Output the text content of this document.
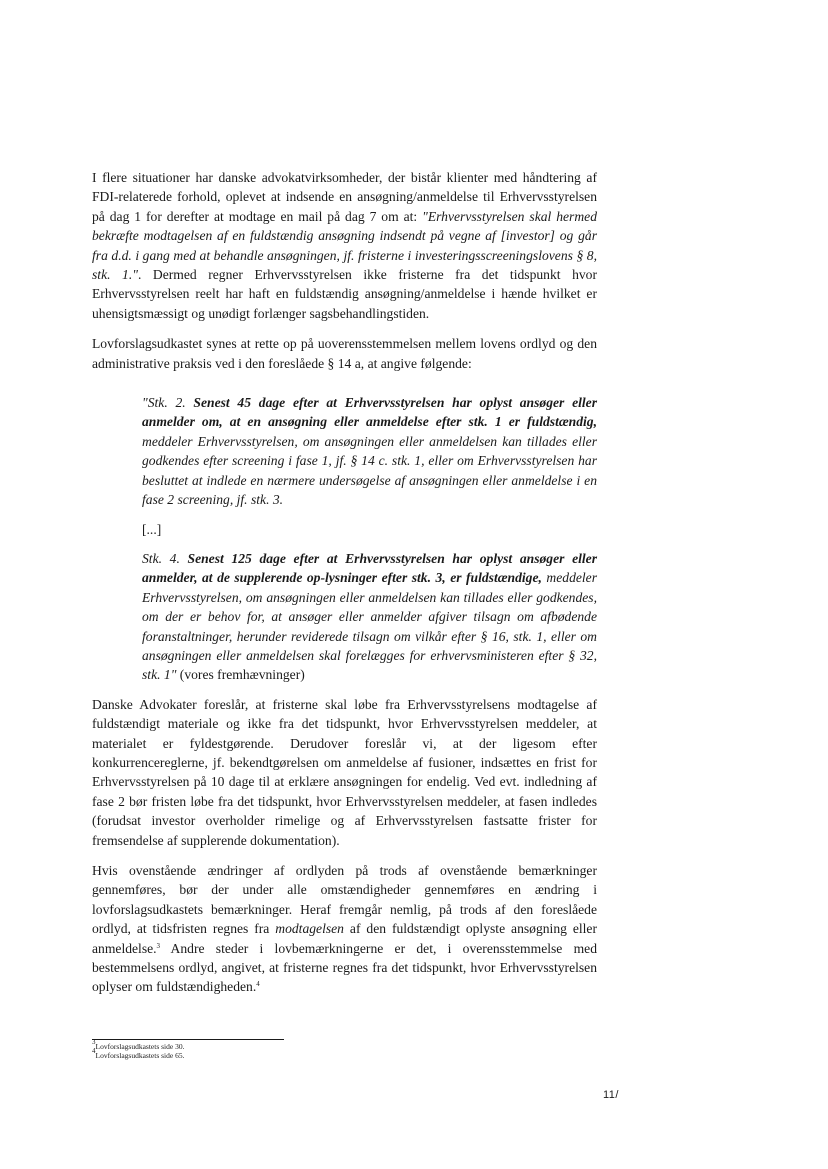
I flere situationer har danske advokatvirksomheder, der bistår klienter med håndtering af FDI-relaterede forhold, oplevet at indsende en ansøgning/anmeldelse til Erhvervsstyrelsen på dag 1 for derefter at modtage en mail på dag 7 om at: "Erhvervsstyrelsen skal hermed bekræfte modtagelsen af en fuldstændig ansøgning indsendt på vegne af [investor] og går fra d.d. i gang med at behandle ansøgningen, jf. fristerne i investeringsscreeningslovens § 8, stk. 1.". Dermed regner Erhvervsstyrelsen ikke fristerne fra det tidspunkt hvor Erhvervsstyrelsen reelt har haft en fuldstændig ansøgning/anmeldelse i hænde hvilket er uhensigtsmæssigt og unødigt forlænger sagsbehandlingstiden.

Lovforslagsudkastet synes at rette op på uoverensstemmelsen mellem lovens ordlyd og den administrative praksis ved i den foreslåede § 14 a, at angive følgende:

"Stk. 2. Senest 45 dage efter at Erhvervsstyrelsen har oplyst ansøger eller anmelder om, at en ansøgning eller anmeldelse efter stk. 1 er fuldstændig, meddeler Erhvervsstyrelsen, om ansøgningen eller anmeldelsen kan tillades eller godkendes efter screening i fase 1, jf. § 14 c. stk. 1, eller om Erhvervsstyrelsen har besluttet at indlede en nærmere undersøgelse af ansøgningen eller anmeldelse i en fase 2 screening, jf. stk. 3.

[...]

Stk. 4. Senest 125 dage efter at Erhvervsstyrelsen har oplyst ansøger eller anmelder, at de supplerende op-lysninger efter stk. 3, er fuldstændige, meddeler Erhvervsstyrelsen, om ansøgningen eller anmeldelsen kan tillades eller godkendes, om der er behov for, at ansøger eller anmelder afgiver tilsagn om afbødende foranstaltninger, herunder reviderede tilsagn om vilkår efter § 16, stk. 1, eller om ansøgningen eller anmeldelsen skal forelægges for erhvervsministeren efter § 32, stk. 1" (vores fremhævninger)

Danske Advokater foreslår, at fristerne skal løbe fra Erhvervsstyrelsens modtagelse af fuldstændigt materiale og ikke fra det tidspunkt, hvor Erhvervsstyrelsen meddeler, at materialet er fyldestgørende. Derudover foreslår vi, at der ligesom efter konkurrencereglerne, jf. bekendtgørelsen om anmeldelse af fusioner, indsættes en frist for Erhvervsstyrelsen på 10 dage til at erklære ansøgningen for endelig. Ved evt. indledning af fase 2 bør fristen løbe fra det tidspunkt, hvor Erhvervsstyrelsen meddeler, at fasen indledes (forudsat investor overholder rimelige og af Erhvervsstyrelsen fastsatte frister for fremsendelse af supplerende dokumentation).

Hvis ovenstående ændringer af ordlyden på trods af ovenstående bemærkninger gennemføres, bør der under alle omstændigheder gennemføres en ændring i lovforslagsudkastets bemærkninger. Heraf fremgår nemlig, på trods af den foreslåede ordlyd, at tidsfristen regnes fra modtagelsen af den fuldstændigt oplyste ansøgning eller anmeldelse.$^3$ Andre steder i lovbemærkningerne er det, i overensstemmelse med bestemmelsens ordlyd, angivet, at fristerne regnes fra det tidspunkt, hvor Erhvervsstyrelsen oplyser om fuldstændigheden.$^4$

$^3$Lovforslagsudkastets side 30.
$^4$Lovforslagsudkastets side 65.
11/
